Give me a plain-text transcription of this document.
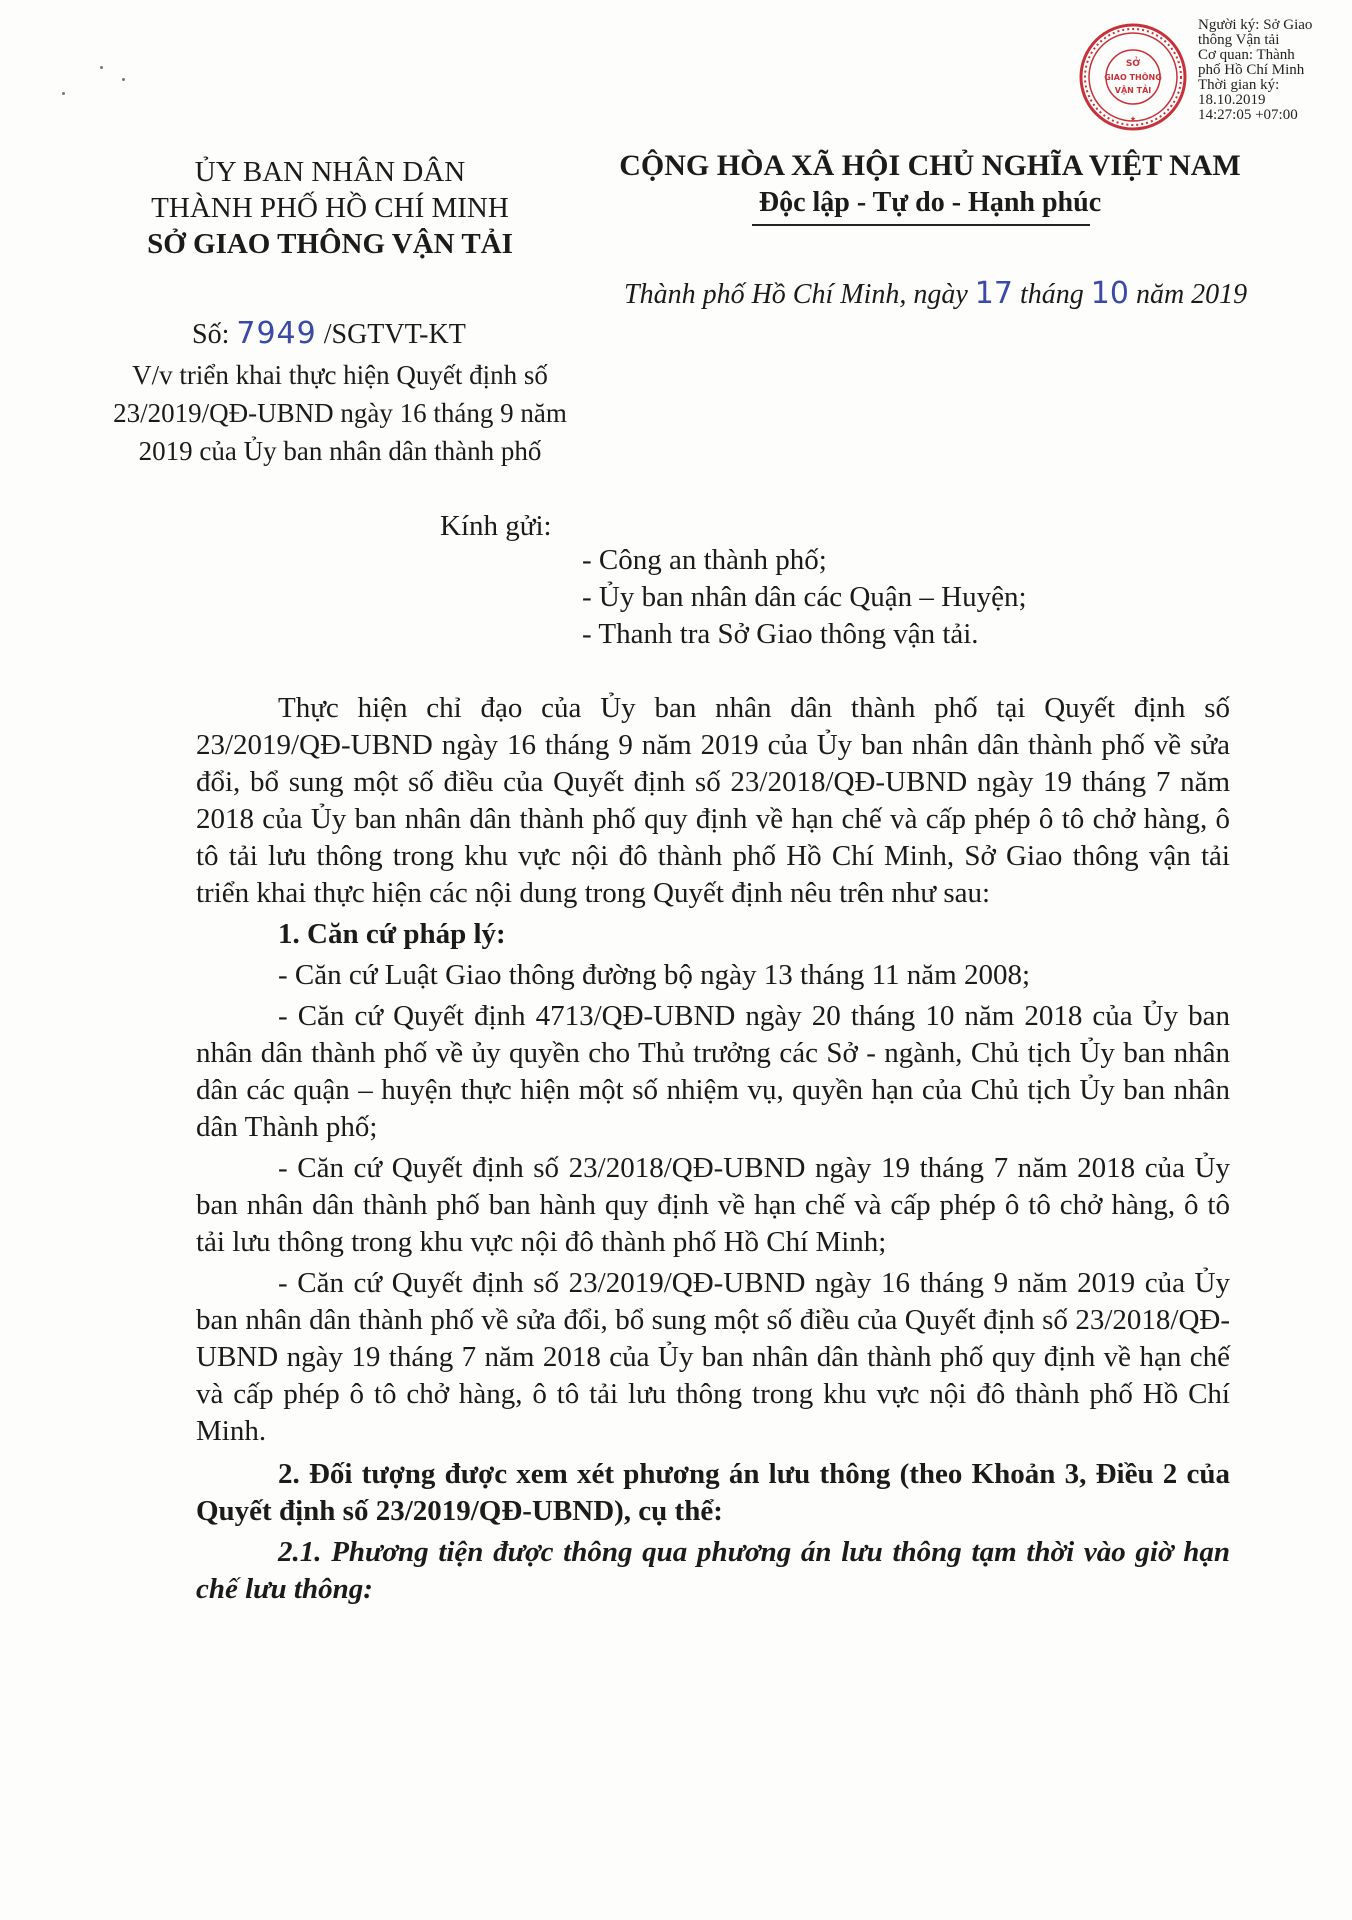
SỞ
GIAO THÔNG
VẬN TẢI
★
Người ký: Sở Giao
thông Vận tải
Cơ quan: Thành
phố Hồ Chí Minh
Thời gian ký:
18.10.2019
14:27:05 +07:00
ỦY BAN NHÂN DÂN
THÀNH PHỐ HỒ CHÍ MINH
SỞ GIAO THÔNG VẬN TẢI
CỘNG HÒA XÃ HỘI CHỦ NGHĨA VIỆT NAM
Độc lập - Tự do - Hạnh phúc
Thành phố Hồ Chí Minh, ngày 17 tháng 10 năm 2019
Số: 7949 /SGTVT-KT
V/v triển khai thực hiện Quyết định số
23/2019/QĐ-UBND ngày 16 tháng 9 năm
2019 của Ủy ban nhân dân thành phố
Kính gửi:
- Công an thành phố;
- Ủy ban nhân dân các Quận – Huyện;
- Thanh tra Sở Giao thông vận tải.

Thực hiện chỉ đạo của Ủy ban nhân dân thành phố tại Quyết định số 23/2019/QĐ-UBND ngày 16 tháng 9 năm 2019 của Ủy ban nhân dân thành phố về sửa đổi, bổ sung một số điều của Quyết định số 23/2018/QĐ-UBND ngày 19 tháng 7 năm 2018 của Ủy ban nhân dân thành phố quy định về hạn chế và cấp phép ô tô chở hàng, ô tô tải lưu thông trong khu vực nội đô thành phố Hồ Chí Minh, Sở Giao thông vận tải triển khai thực hiện các nội dung trong Quyết định nêu trên như sau:

1. Căn cứ pháp lý:

- Căn cứ Luật Giao thông đường bộ ngày 13 tháng 11 năm 2008;

- Căn cứ Quyết định 4713/QĐ-UBND ngày 20 tháng 10 năm 2018 của Ủy ban nhân dân thành phố về ủy quyền cho Thủ trưởng các Sở - ngành, Chủ tịch Ủy ban nhân dân các quận – huyện thực hiện một số nhiệm vụ, quyền hạn của Chủ tịch Ủy ban nhân dân Thành phố;

- Căn cứ Quyết định số 23/2018/QĐ-UBND ngày 19 tháng 7 năm 2018 của Ủy ban nhân dân thành phố ban hành quy định về hạn chế và cấp phép ô tô chở hàng, ô tô tải lưu thông trong khu vực nội đô thành phố Hồ Chí Minh;

- Căn cứ Quyết định số 23/2019/QĐ-UBND ngày 16 tháng 9 năm 2019 của Ủy ban nhân dân thành phố về sửa đổi, bổ sung một số điều của Quyết định số 23/2018/QĐ-UBND ngày 19 tháng 7 năm 2018 của Ủy ban nhân dân thành phố quy định về hạn chế và cấp phép ô tô chở hàng, ô tô tải lưu thông trong khu vực nội đô thành phố Hồ Chí Minh.

2. Đối tượng được xem xét phương án lưu thông (theo Khoản 3, Điều 2 của Quyết định số 23/2019/QĐ-UBND), cụ thể:

2.1. Phương tiện được thông qua phương án lưu thông tạm thời vào giờ hạn chế lưu thông:
